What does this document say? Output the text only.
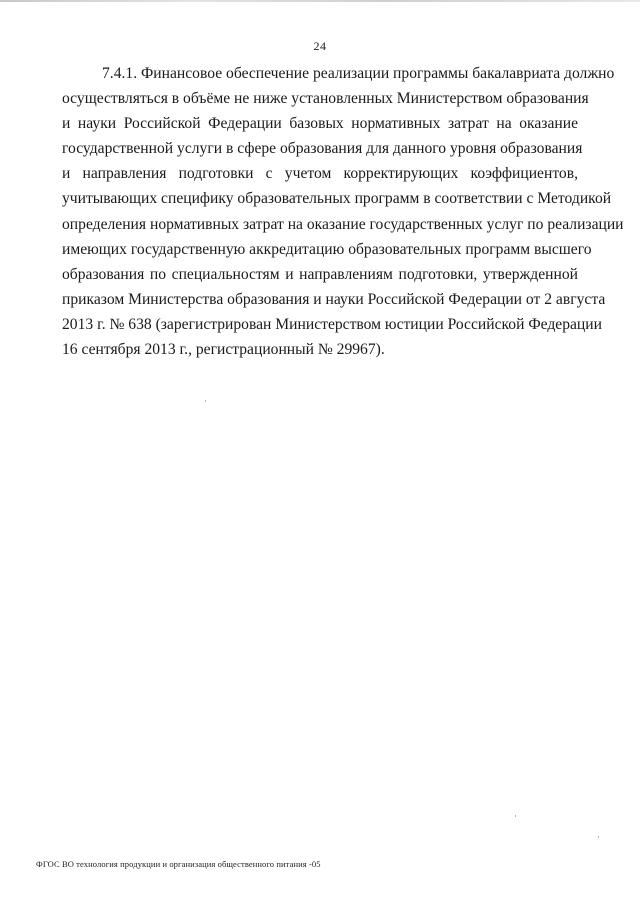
24
7.4.1. Финансовое обеспечение реализации программы бакалавриата должно
осуществляться в объёме не ниже установленных Министерством образования
и науки Российской Федерации базовых нормативных затрат на оказание
государственной услуги в сфере образования для данного уровня образования
и направления подготовки с учетом корректирующих коэффициентов,
учитывающих специфику образовательных программ в соответствии с Методикой
определения нормативных затрат на оказание государственных услуг по реализации
имеющих государственную аккредитацию образовательных программ высшего
образования по специальностям и направлениям подготовки, утвержденной
приказом Министерства образования и науки Российской Федерации от 2 августа
2013 г. № 638 (зарегистрирован Министерством юстиции Российской Федерации
16 сентября 2013 г., регистрационный № 29967).
ФГОС ВО технология продукции и организация общественного питания -05
